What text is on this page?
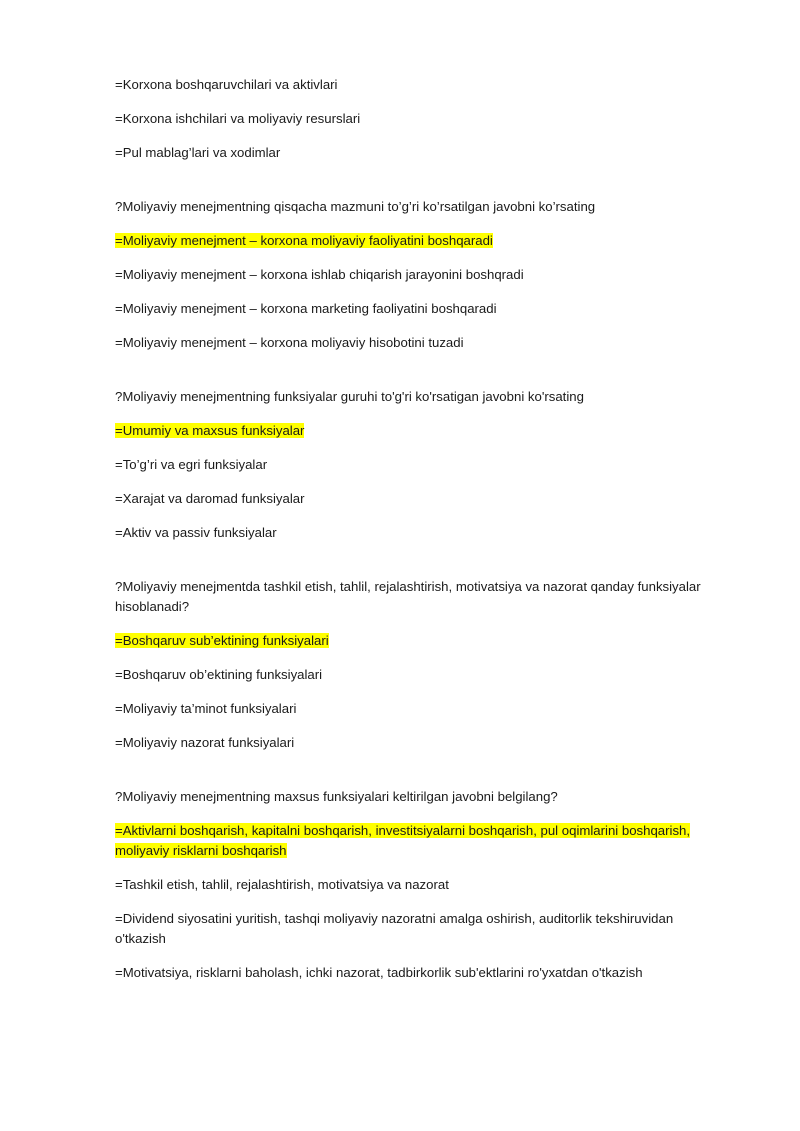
=Korxona boshqaruvchilari va aktivlari
=Korxona ishchilari va moliyaviy resurslari
=Pul mablag’lari va xodimlar
?Moliyaviy menejmentning qisqacha mazmuni to’g’ri ko’rsatilgan javobni ko’rsating
=Moliyaviy menejment – korxona moliyaviy faoliyatini boshqaradi
=Moliyaviy menejment – korxona ishlab chiqarish jarayonini boshqradi
=Moliyaviy menejment – korxona marketing faoliyatini boshqaradi
=Moliyaviy menejment – korxona moliyaviy hisobotini tuzadi
?Moliyaviy menejmentning funksiyalar guruhi to'g'ri ko'rsatigan javobni ko'rsating
=Umumiy va maxsus funksiyalar
=To’g’ri va egri funksiyalar
=Xarajat va daromad funksiyalar
=Aktiv va passiv funksiyalar
?Moliyaviy menejmentda tashkil etish, tahlil, rejalashtirish, motivatsiya va nazorat qanday funksiyalar hisoblanadi?
=Boshqaruv sub’ektining funksiyalari
=Boshqaruv ob’ektining funksiyalari
=Moliyaviy ta’minot funksiyalari
=Moliyaviy nazorat funksiyalari
?Moliyaviy menejmentning maxsus funksiyalari keltirilgan javobni belgilang?
=Aktivlarni boshqarish, kapitalni boshqarish, investitsiyalarni boshqarish, pul oqimlarini boshqarish, moliyaviy risklarni boshqarish
=Tashkil etish, tahlil, rejalashtirish, motivatsiya va nazorat
=Dividend siyosatini yuritish, tashqi moliyaviy nazoratni amalga oshirish, auditorlik tekshiruvidan o'tkazish
=Motivatsiya, risklarni baholash, ichki nazorat, tadbirkorlik sub'ektlarini ro'yxatdan o'tkazish
